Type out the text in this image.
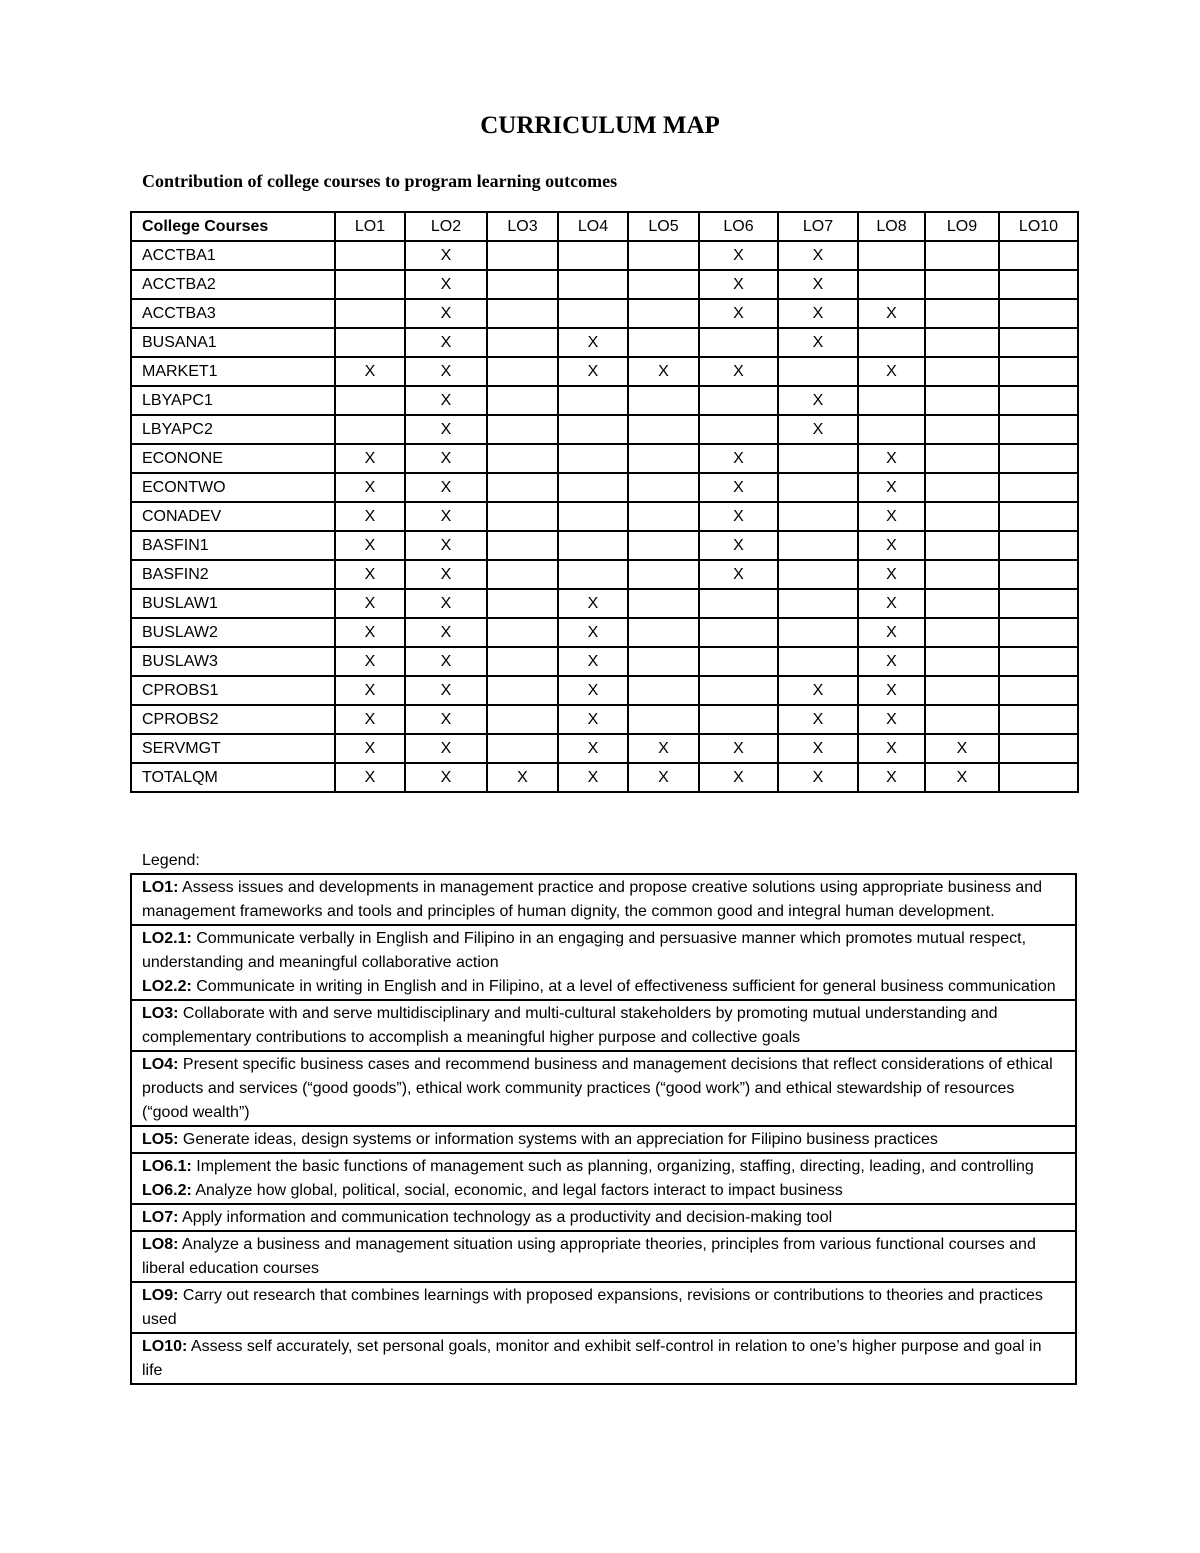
CURRICULUM MAP
Contribution of college courses to program learning outcomes
College Courses	LO1	LO2	LO3	LO4	LO5	LO6	LO7	LO8	LO9	LO10
ACCTBA1		X				X	X			
ACCTBA2		X				X	X			
ACCTBA3		X				X	X	X		
BUSANA1		X		X			X			
MARKET1	X	X		X	X	X		X		
LBYAPC1		X					X			
LBYAPC2		X					X			
ECONONE	X	X				X		X		
ECONTWO	X	X				X		X		
CONADEV	X	X				X		X		
BASFIN1	X	X				X		X		
BASFIN2	X	X				X		X		
BUSLAW1	X	X		X				X		
BUSLAW2	X	X		X				X		
BUSLAW3	X	X		X				X		
CPROBS1	X	X		X			X	X		
CPROBS2	X	X		X			X	X		
SERVMGT	X	X		X	X	X	X	X	X	
TOTALQM	X	X	X	X	X	X	X	X	X	
Legend:
LO1: Assess issues and developments in management practice and propose creative solutions using appropriate business and management frameworks and tools and principles of human dignity, the common good and integral human development.

LO2.1: Communicate verbally in English and Filipino in an engaging and persuasive manner which promotes mutual respect, understanding and meaningful collaborative action
LO2.2: Communicate in writing in English and in Filipino, at a level of effectiveness sufficient for general business communication

LO3: Collaborate with and serve multidisciplinary and multi-cultural stakeholders by promoting mutual understanding and complementary contributions to accomplish a meaningful higher purpose and collective goals

LO4: Present specific business cases and recommend business and management decisions that reflect considerations of ethical products and services (“good goods”), ethical work community practices (“good work”) and ethical stewardship of resources (“good wealth”)

LO5: Generate ideas, design systems or information systems with an appreciation for Filipino business practices

LO6.1: Implement the basic functions of management such as planning, organizing, staffing, directing, leading, and controlling
LO6.2: Analyze how global, political, social, economic, and legal factors interact to impact business

LO7: Apply information and communication technology as a productivity and decision-making tool

LO8: Analyze a business and management situation using appropriate theories, principles from various functional courses and liberal education courses

LO9: Carry out research that combines learnings with proposed expansions, revisions or contributions to theories and practices used

LO10: Assess self accurately, set personal goals, monitor and exhibit self-control in relation to one’s higher purpose and goal in life
